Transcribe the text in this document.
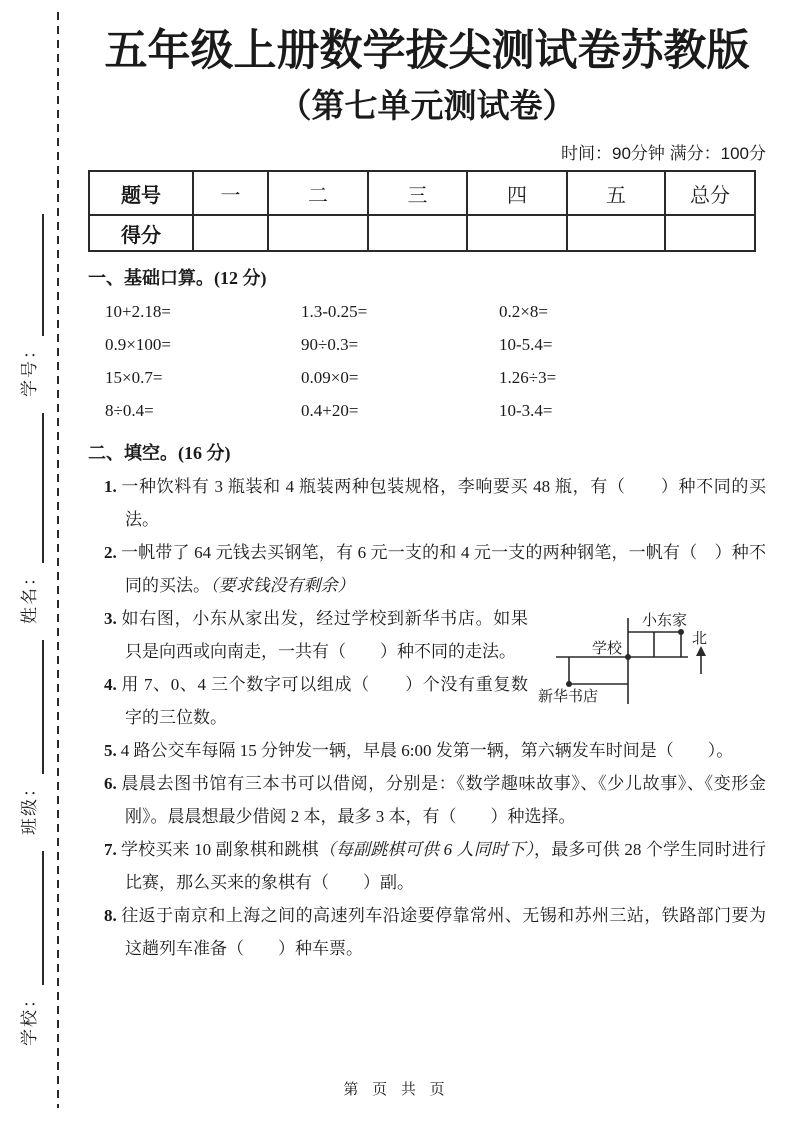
学校：
班级：
姓名：
学号：
五年级上册数学拔尖测试卷苏教版
（第七单元测试卷）
时间：90分钟 满分：100分
题号	一	二	三	四	五	总分
得分						
一、基础口算。(12 分)
10+2.18=	1.3-0.25=	0.2×8=
0.9×100=	90÷0.3=	10-5.4=
15×0.7=	0.09×0=	1.26÷3=
8÷0.4=	0.4+20=	10-3.4=
二、填空。(16 分)
1. 一种饮料有 3 瓶装和 4 瓶装两种包装规格，李响要买 48 瓶，有（　　）种不同的买法。
2. 一帆带了 64 元钱去买钢笔，有 6 元一支的和 4 元一支的两种钢笔，一帆有（　）种不同的买法。（要求钱没有剩余）
小东家
学校
新华书店
北
3. 如右图，小东从家出发，经过学校到新华书店。如果只是向西或向南走，一共有（　　）种不同的走法。
4. 用 7、0、4 三个数字可以组成（　　）个没有重复数字的三位数。
5. 4 路公交车每隔 15 分钟发一辆，早晨 6:00 发第一辆，第六辆发车时间是（　　）。
6. 晨晨去图书馆有三本书可以借阅，分别是：《数学趣味故事》、《少儿故事》、《变形金刚》。晨晨想最少借阅 2 本，最多 3 本，有（　　）种选择。
7. 学校买来 10 副象棋和跳棋（每副跳棋可供 6 人同时下），最多可供 28 个学生同时进行比赛，那么买来的象棋有（　　）副。
8. 往返于南京和上海之间的高速列车沿途要停靠常州、无锡和苏州三站，铁路部门要为这趟列车准备（　　）种车票。
第 页 共 页
